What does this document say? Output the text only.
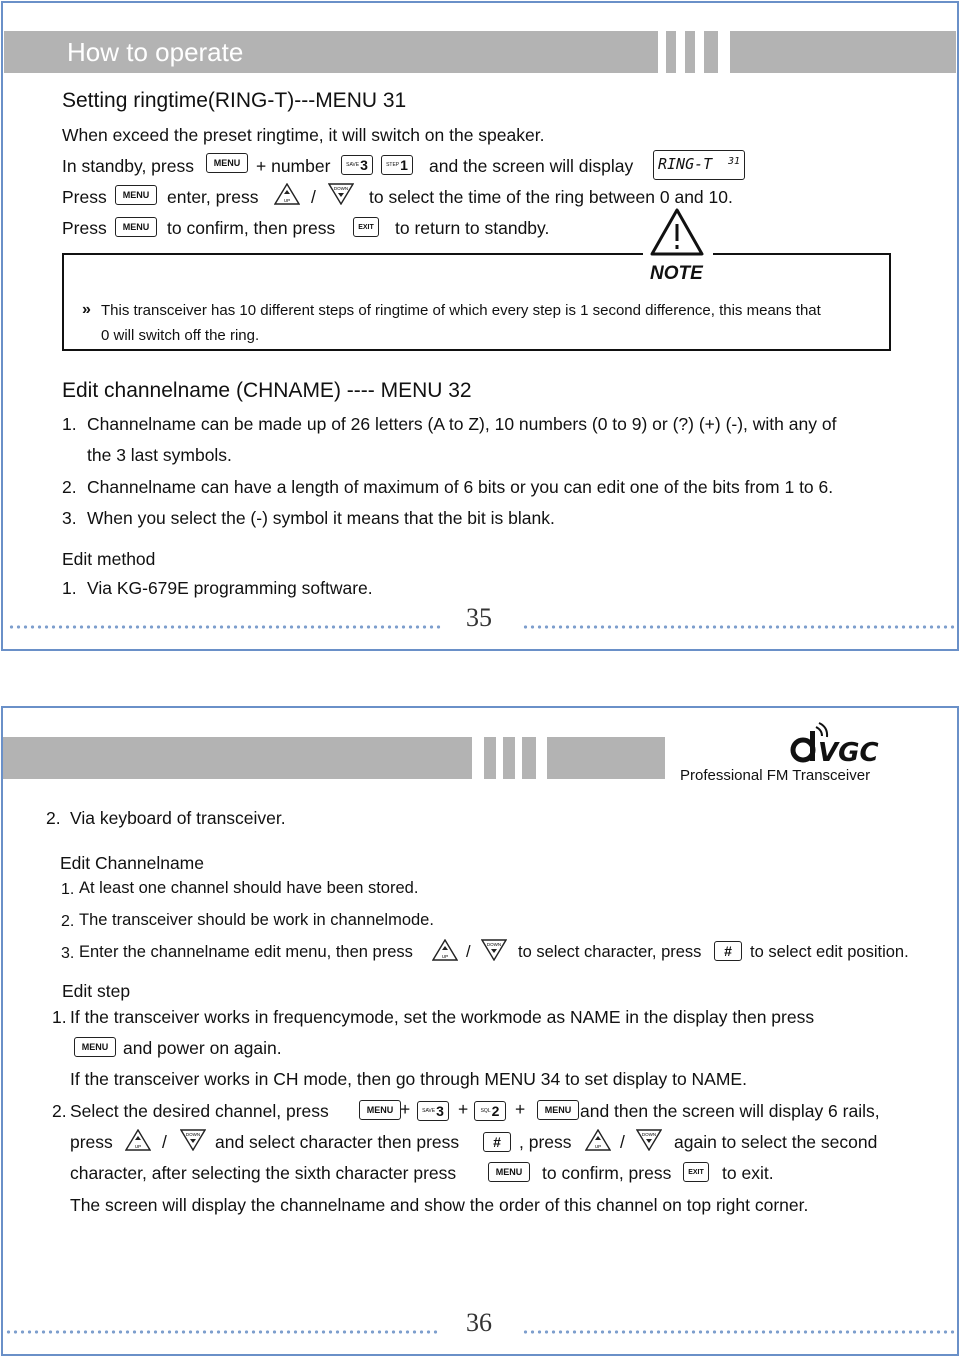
How to operate
Setting ringtime(RING-T)---MENU 31
When exceed the preset ringtime, it will switch on the speaker.
In standby, press MENU + number	SAVE 3	STEP 1 and the screen will display	RING-T 31
Press MENU enter, press	UP /	DOWN to select the time of the ring between 0 and 10.
Press MENU to confirm, then press	EXIT to return to standby.
NOTE
» This transceiver has 10 different steps of ringtime of which every step is 1 second difference, this means that
0 will switch off the ring.
Edit channelname (CHNAME) ---- MENU 32
1. Channelname can be made up of 26 letters (A to Z), 10 numbers (0 to 9) or (?) (+) (-), with any of
the 3 last symbols.
2. Channelname can have a length of maximum of 6 bits or you can edit one of the bits from 1 to 6.
3. When you select the (-) symbol it means that the bit is blank.
Edit method
1. Via KG-679E programming software.
35
VGC
Professional FM Transceiver
2. Via keyboard of transceiver.
Edit Channelname
1. At least one channel should have been stored.
2. The transceiver should be work in channelmode.
3. Enter the channelname edit menu, then press	UP /	DOWN to select character, press # to select edit position.
Edit step
1. If the transceiver works in frequencymode, set the workmode as NAME in the display then press
MENU and power on again.
If the transceiver works in CH mode, then go through MENU 34 to set display to NAME.
2. Select the desired channel, press	MENU + SAVE 3 + SQL 2 + MENU and then the screen will display 6 rails,
press	UP /	DOWN and select character then press # , press	UP /	DOWN again to select the second
character, after selecting the sixth character press	MENU to confirm, press EXIT to exit.
The screen will display the channelname and show the order of this channel on top right corner.
36
